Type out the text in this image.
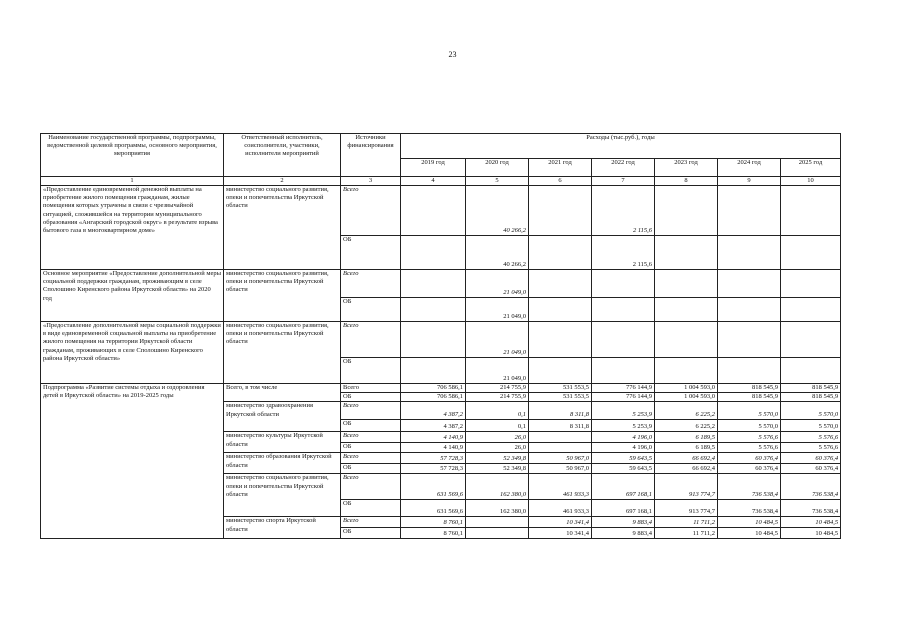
23
Наименование государственной программы, подпрограммы, ведомственной целевой программы, основного мероприятия, мероприятия	Ответственный исполнитель, соисполнители, участники, исполнители мероприятий	Источники финансирования	Расходы (тыс.руб.), годы						
			2019 год	2020 год	2021 год	2022 год	2023 год	2024 год	2025 год
1	2	3	4	5	6	7	8	9	10
«Предоставление единовременной денежной выплаты на приобретение жилого помещения гражданам, жилые помещения которых утрачены в связи с чрезвычайной ситуацией, сложившейся на территории муниципального образования «Ангарский городской округ» в результате взрыва бытового газа в многоквартирном доме»	министерство социального развития, опеки и попечительства Иркутской области	Всего		40 266,2		2 115,6			
		ОБ		40 266,2		2 115,6			
Основное мероприятие «Предоставление дополнительной меры социальной поддержки гражданам, проживающим в селе Сполошино Киренского района Иркутской области» на 2020 год	министерство социального развития, опеки и попечительства Иркутской области	Всего		21 049,0					
		ОБ		21 049,0					
«Предоставление дополнительной меры социальной поддержки в виде единовременной социальной выплаты на приобретение жилого помещения на территории Иркутской области гражданам, проживающих в селе Сполошино Киренского района Иркутской области»	министерство социального развития, опеки и попечительства Иркутской области	Всего		21 049,0					
		ОБ		21 049,0					
Подпрограмма «Развитие системы отдыха и оздоровления детей в Иркутской области» на 2019-2025 годы	Всего, в том числе	Всего	706 586,1	214 755,9	531 553,5	776 144,9	1 004 593,0	818 545,9	818 545,9
		ОБ	706 586,1	214 755,9	531 553,5	776 144,9	1 004 593,0	818 545,9	818 545,9
	министерство здравоохранения Иркутской области	Всего	4 387,2	0,1	8 311,8	5 253,9	6 225,2	5 570,0	5 570,0
		ОБ	4 387,2	0,1	8 311,8	5 253,9	6 225,2	5 570,0	5 570,0
	министерство культуры Иркутской области	Всего	4 140,9	26,0		4 196,0	6 189,5	5 576,6	5 576,6
		ОБ	4 140,9	26,0		4 196,0	6 189,5	5 576,6	5 576,6
	министерство образования Иркутской области	Всего	57 728,3	52 349,8	50 967,0	59 643,5	66 692,4	60 376,4	60 376,4
		ОБ	57 728,3	52 349,8	50 967,0	59 643,5	66 692,4	60 376,4	60 376,4
	министерство социального развития, опеки и попечительства Иркутской области	Всего	631 569,6	162 380,0	461 933,3	697 168,1	913 774,7	736 538,4	736 538,4
		ОБ	631 569,6	162 380,0	461 933,3	697 168,1	913 774,7	736 538,4	736 538,4
	министерство спорта Иркутской области	Всего	8 760,1		10 341,4	9 883,4	11 711,2	10 484,5	10 484,5
		ОБ	8 760,1		10 341,4	9 883,4	11 711,2	10 484,5	10 484,5
